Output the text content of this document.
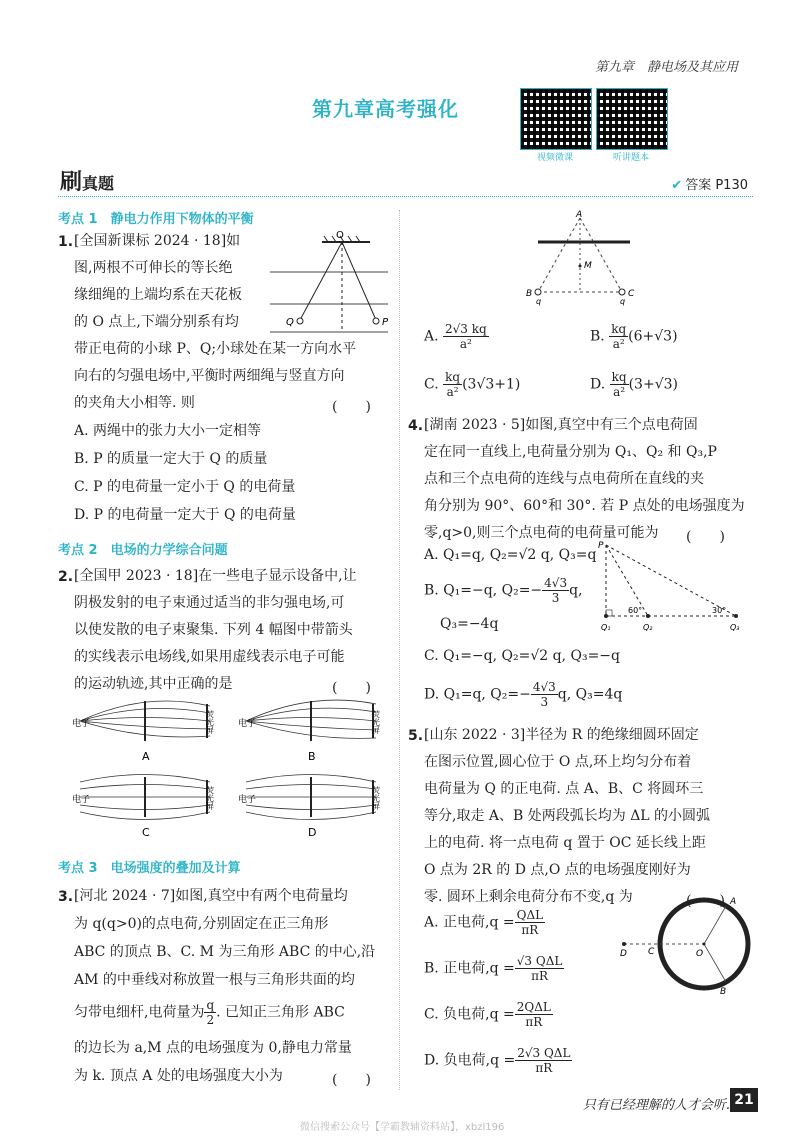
第九章　静电场及其应用
第九章高考强化
视频微课	听讲题本
刷真题	✔ 答案 P130
考点 1　静电力作用下物体的平衡
1. [全国新课标 2024 · 18]如
图,两根不可伸长的等长绝
缘细绳的上端均系在天花板
的 O 点上,下端分别系有均
带正电荷的小球 P、Q;小球处在某一方向水平
向右的匀强电场中,平衡时两细绳与竖直方向
的夹角大小相等. 则	(　　)
A. 两绳中的张力大小一定相等
B. P 的质量一定大于 Q 的质量
C. P 的电荷量一定小于 Q 的电荷量
D. P 的电荷量一定大于 Q 的电荷量
O
Q	P
考点 2　电场的力学综合问题
2. [全国甲 2023 · 18]在一些电子显示设备中,让
阴极发射的电子束通过适当的非匀强电场,可
以使发散的电子束聚集. 下列 4 幅图中带箭头
的实线表示电场线,如果用虚线表示电子可能
的运动轨迹,其中正确的是	(　　)
电子	荧光屏
A
电子	荧光屏
B
电子	荧光屏
C
电子	荧光屏
D
考点 3　电场强度的叠加及计算
3. [河北 2024 · 7]如图,真空中有两个电荷量均
为 q(q>0)的点电荷,分别固定在正三角形
ABC 的顶点 B、C. M 为三角形 ABC 的中心,沿
AM 的中垂线对称放置一根与三角形共面的均
匀带电细杆,电荷量为 $\frac{q}{2}$ . 已知正三角形 ABC
的边长为 a,M 点的电场强度为 0,静电力常量
为 k. 顶点 A 处的电场强度大小为	(　　)
A
M
B	C
q	q
A. $\frac{2√3 kq}{\text{a²}}$	B. $\frac{kq}{\text{a²}} (6+√3)$
C. $\frac{kq}{\text{a²}} (3√3+1)$	D. $\frac{kq}{\text{a²}} (3+√3)$
4. [湖南 2023 · 5]如图,真空中有三个点电荷固
定在同一直线上,电荷量分别为 Q₁、Q₂ 和 Q₃,P
点和三个点电荷的连线与点电荷所在直线的夹
角分别为 90°、60°和 30°. 若 P 点处的电场强度为
零,q>0,则三个点电荷的电荷量可能为 (　　)
A. Q₁=q, Q₂=√2 q, Q₃=q
B. Q₁=−q, $Q_2=- \frac{4√3}{3} q$,
Q₃=−4q
C. Q₁=−q, Q₂=√2 q, Q₃=−q
D. Q₁=q, $Q_2=- \frac{4√3}{3} q$, Q₃=4q
P
60°	30°
Q₁	Q₂	Q₃
5. [山东 2022 · 3]半径为 R 的绝缘细圆环固定
在图示位置,圆心位于 O 点,环上均匀分布着
电荷量为 Q 的正电荷. 点 A、B、C 将圆环三
等分,取走 A、B 处两段弧长均为 ΔL 的小圆弧
上的电荷. 将一点电荷 q 置于 OC 延长线上距
O 点为 2R 的 D 点,O 点的电场强度刚好为
零. 圆环上剩余电荷分布不变,q 为	(　　)
A. 正电荷$,q = \frac{\text{QΔL}}{\pi R}$
B. 正电荷$,q = \frac{\text{√3 QΔL}}{\pi R}$
C. 负电荷$,q = \frac{\text{2QΔL}}{\pi R}$
D. 负电荷$,q = \frac{\text{2√3 QΔL}}{\pi R}$
A
B
C	O
D
只有已经理解的人才会听. 21
微信搜索公众号【学霸教辅资料站】，xbzl196
